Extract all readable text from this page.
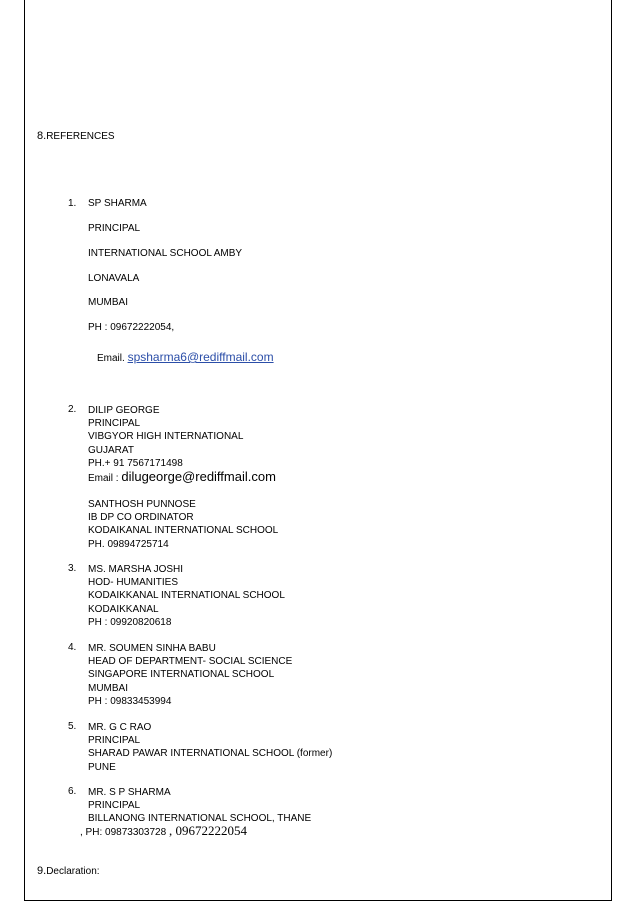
8.REFERENCES
1. SP SHARMA
PRINCIPAL
INTERNATIONAL SCHOOL AMBY
LONAVALA
MUMBAI
PH : 09672222054,
Email. spsharma6@rediffmail.com
2. DILIP GEORGE
PRINCIPAL
VIBGYOR HIGH INTERNATIONAL
GUJARAT
PH.+ 91 7567171498
Email : dilugeorge@rediffmail.com
SANTHOSH PUNNOSE
IB DP CO ORDINATOR
KODAIKANAL INTERNATIONAL SCHOOL
PH. 09894725714
3. MS. MARSHA JOSHI
HOD- HUMANITIES
KODAIKKANAL INTERNATIONAL SCHOOL
KODAIKKANAL
PH : 09920820618
4. MR. SOUMEN SINHA BABU
HEAD OF DEPARTMENT- SOCIAL SCIENCE
SINGAPORE INTERNATIONAL SCHOOL
MUMBAI
PH : 09833453994
5. MR. G C RAO
PRINCIPAL
SHARAD PAWAR INTERNATIONAL SCHOOL (former)
PUNE
6. MR. S P SHARMA
PRINCIPAL
BILLANONG INTERNATIONAL SCHOOL, THANE
, PH: 09873303728 , 09672222054
9.Declaration:
